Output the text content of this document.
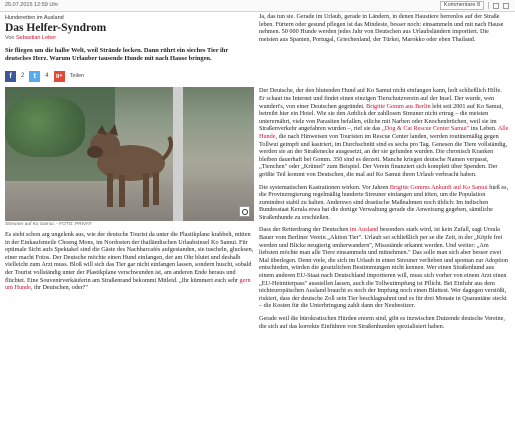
25.07.2015 12:59 Uhr	Kommentare 8
Hunderetten im Ausland
Das Helfer-Syndrom
Von Sebastian Leber
Sie fliegen um die halbe Welt, weil Strände locken. Dann rührt ein sieches Tier ihr deutsches Herz. Warum Urlauber tausende Hunde mit nach Hause bringen.
f	2	t	4	g+	Teilen
Streuner auf Ko Samui. - FOTO: PRIVAT

Es sieht schon arg ungelenk aus, wie der deutsche Tourist da unter die Plastikplane krabbelt, mitten in der Einkaufsmeile Choeng Mons, im Nordosten der thailändischen Urlaubsinsel Ko Samui. Für optimale Sicht aufs Spektakel sind die Gäste des Nachbarcafés aufgestanden, sie tuscheln, glucksen, einer macht Fotos. Der Deutsche möchte einen Hund einfangen, der am Ohr blutet und deshalb vielleicht zum Arzt muss. Bloß will sich das Tier gar nicht einfangen lassen, sondern huscht, sobald der Tourist vollständig unter der Plastikplane verschwunden ist, am anderen Ende heraus und flüchtet. Eine Souvenirverkäuferin am Straßenrand bekommt Mitleid. „Ihr kümmert euch sehr gern um Hunde, ihr Deutschen, oder?"

Ja, das tun sie. Gerade im Urlaub, gerade in Ländern, in denen Haustiere herrenlos auf der Straße leben. Fürtern oder gesund pflegen ist das Mindeste, besser noch: einsammeln und mit nach Hause nehmen. 50 000 Hunde werden jedes Jahr von Deutschen aus Urlaubsländern importiert. Die meisten aus Spanien, Portugal, Griechenland, der Türkei, Marokko oder eben Thailand.

Der Deutsche, der den blutenden Hund auf Ko Samui nicht einfangen kann, holt schließlich Hilfe. Er schaut ins Internet und findet einen einzigen Tierschutzverein auf der Insel. Der wurde, wen wundert's, von einer Deutschen gegründet. Brigitte Gomm aus Berlin lebt seit 2001 auf Ko Samui, betreibt hier ein Hotel. Wie sie den Anblick der zahllosen Streuner nicht ertrug – die meisten unterernährt, viele von Parasiten befallen, etliche mit Narben oder Knochenbrüchen, weil sie im Straßenverkehr angefahren wurden –, rief sie das „Dog & Cat Rescue Center Samui" ins Leben. Alle Hunde, die nach Hinweisen von Touristen im Rescue Center landen, werden routinemäßig gegen Tollwut geimpft und kastriert, im Durchschnitt sind es sechs pro Tag. Genesen die Tiere vollständig, werden sie an der Straßenecke ausgesetzt, an der sie gefunden wurden. Die chronisch Kranken bleiben dauerhaft bei Gomm. 350 sind es derzeit. Manche kriegen deutsche Namen verpasst, „Tienchen" oder „Krümel" zum Beispiel. Der Verein finanziert sich komplett über Spenden. Der größte Teil kommt von Deutschen, die mal auf Ko Samui ihren Urlaub verbracht haben.

Die systematischen Kastrationen wirken. Vor Jahren Brigitte Gomms Ankunft auf Ko Samui hieß es, die Provinzregierung regelmäßig hunderte Streuner einfangen und töten, um die Population zumindest stabil zu halten. Anderswo sind drastische Maßnahmen noch üblich: Im indischen Bundesstaat Kerala etwa hat die dortige Verwaltung gerade die Anweisung gegeben, sämtliche Straßenhunde zu erschießen.

Dass der Retterdrang der Deutschen im Ausland besonders stark wird, ist kein Zufall, sagt Ursula Bauer vom Berliner Verein „Aktion Tier". Urlaub sei schließlich per se die Zeit, in der „Köpfe frei werden und Blicke neugierig umherwandern", Missstände erkannt werden. Und weiter: „Am liebsten möchte man alle Tiere einsammeln und mitnehmen." Das solle man sich aber besser zwei Mal überlegen. Denn viele, die sich im Urlaub in einen Streuner verlieben und spontan zur Adoption entschieden, würden die gesetzlichen Bestimmungen nicht kennen. Wer einen Straßenhund aus einem anderen EU-Staat nach Deutschland importieren will, muss sich vorher von einem Arzt einen „EU-Heimtierpass" ausstellen lassen, auch die Tollwutimpfung ist Pflicht. Bei Einfuhr aus dem nichteuropäischen Ausland braucht es noch der Impfung noch einen Bluttest. Wer dagegen verstößt, riskiert, dass der deutsche Zoll sein Tier beschlagnahmt und es für drei Monate in Quarantäne steckt – die Kosten für die Unterbringung zahlt dann der Neubesitzer.

Gerade weil die bürokratischen Hürden enorm sind, gibt es inzwischen Dutzende deutsche Vereine, die sich auf das korrekte Einführen von Straßenhunden spezialisiert haben.
